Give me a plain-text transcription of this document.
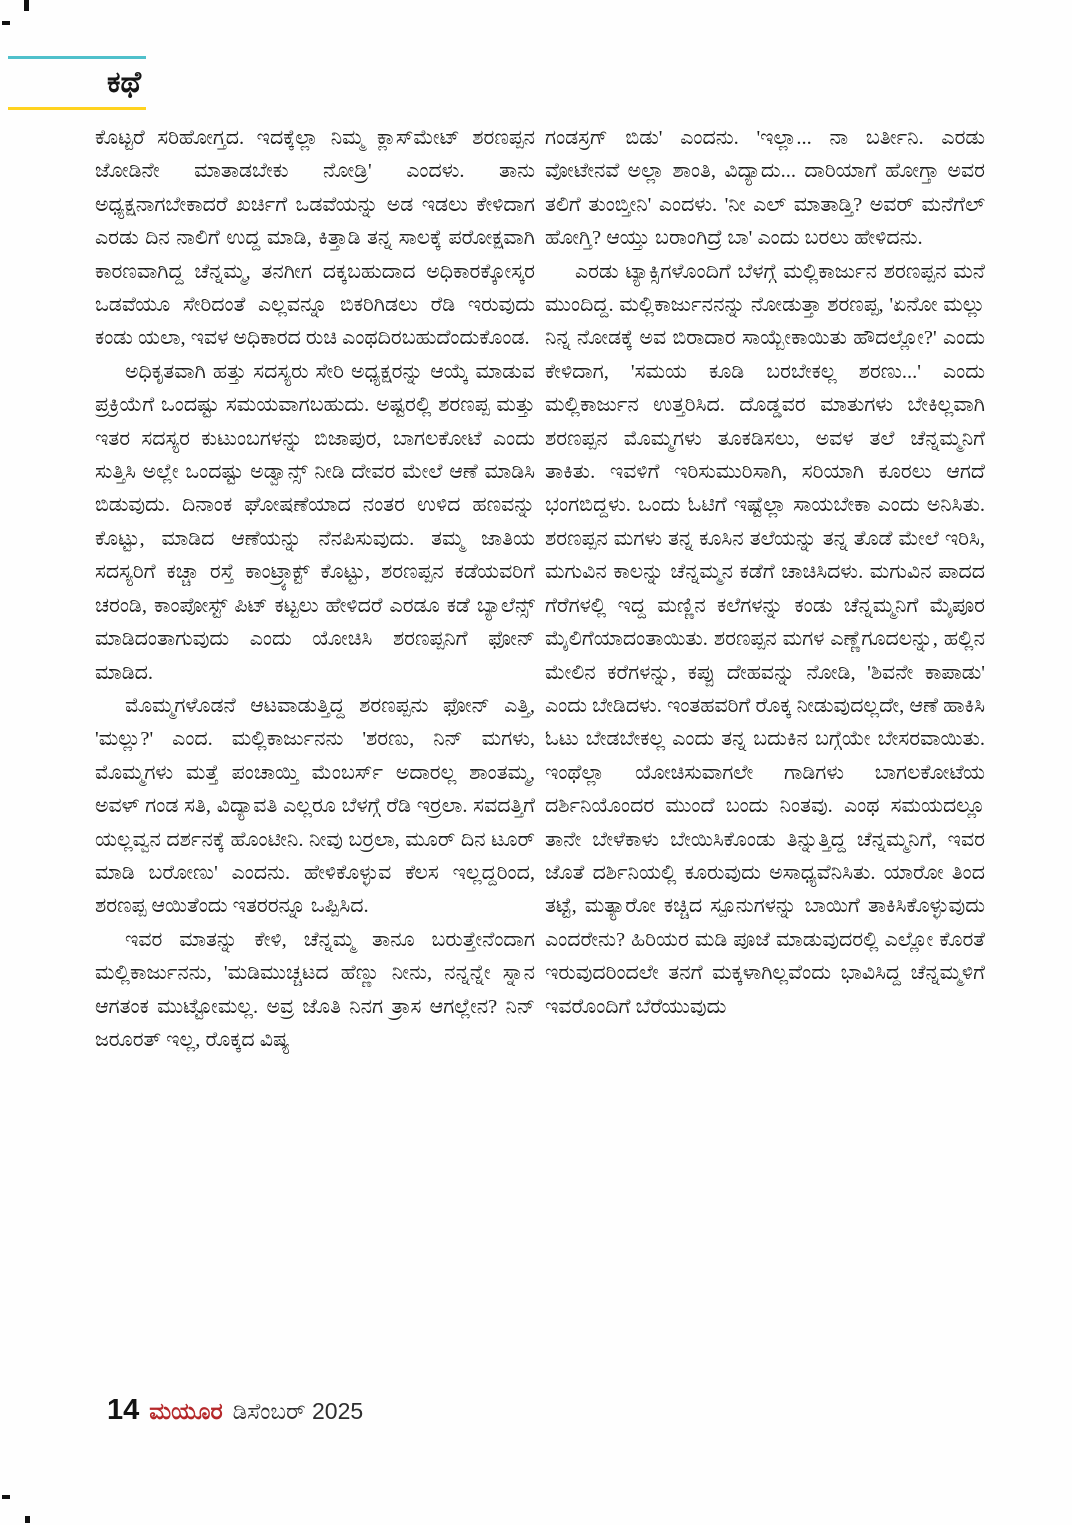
ಕಥೆ

ಕೊಟ್ಟರೆ ಸರಿಹೋಗ್ತದ. ಇದಕ್ಕೆಲ್ಲಾ ನಿಮ್ಮ ಕ್ಲಾಸ್‌ಮೇಟ್ ಶರಣಪ್ಪನ ಜೋಡಿನೇ ಮಾತಾಡಬೇಕು ನೋಡ್ರಿ' ಎಂದಳು. ತಾನು ಅಧ್ಯಕ್ಷನಾಗಬೇಕಾದರೆ ಖರ್ಚಿಗೆ ಒಡವೆಯನ್ನು ಅಡ ಇಡಲು ಕೇಳಿದಾಗ ಎರಡು ದಿನ ನಾಲಿಗೆ ಉದ್ದ ಮಾಡಿ, ಕಿತ್ತಾಡಿ ತನ್ನ ಸಾಲಕ್ಕೆ ಪರೋಕ್ಷವಾಗಿ ಕಾರಣವಾಗಿದ್ದ ಚೆನ್ನಮ್ಮ, ತನಗೀಗ ದಕ್ಕಬಹುದಾದ ಅಧಿಕಾರಕ್ಕೋಸ್ಕರ ಒಡವೆಯೂ ಸೇರಿದಂತೆ ಎಲ್ಲವನ್ನೂ ಬಿಕರಿಗಿಡಲು ರೆಡಿ ಇರುವುದು ಕಂಡು ಯಲಾ, ಇವಳ ಅಧಿಕಾರದ ರುಚಿ ಎಂಥದಿರಬಹುದೆಂದುಕೊಂಡ.

ಅಧಿಕೃತವಾಗಿ ಹತ್ತು ಸದಸ್ಯರು ಸೇರಿ ಅಧ್ಯಕ್ಷರನ್ನು ಆಯ್ಕೆ ಮಾಡುವ ಪ್ರಕ್ರಿಯೆಗೆ ಒಂದಷ್ಟು ಸಮಯವಾಗಬಹುದು. ಅಷ್ಟರಲ್ಲಿ ಶರಣಪ್ಪ ಮತ್ತು ಇತರ ಸದಸ್ಯರ ಕುಟುಂಬಗಳನ್ನು ಬಿಜಾಪುರ, ಬಾಗಲಕೋಟೆ ಎಂದು ಸುತ್ತಿಸಿ ಅಲ್ಲೇ ಒಂದಷ್ಟು ಅಡ್ವಾನ್ಸ್ ನೀಡಿ ದೇವರ ಮೇಲೆ ಆಣೆ ಮಾಡಿಸಿ ಬಿಡುವುದು. ದಿನಾಂಕ ಘೋಷಣೆಯಾದ ನಂತರ ಉಳಿದ ಹಣವನ್ನು ಕೊಟ್ಟು, ಮಾಡಿದ ಆಣೆಯನ್ನು ನೆನಪಿಸುವುದು. ತಮ್ಮ ಜಾತಿಯ ಸದಸ್ಯರಿಗೆ ಕಚ್ಚಾ ರಸ್ತೆ ಕಾಂಟ್ರ್ಯಾಕ್ಟ್ ಕೊಟ್ಟು, ಶರಣಪ್ಪನ ಕಡೆಯವರಿಗೆ ಚರಂಡಿ, ಕಾಂಪೋಸ್ಟ್ ಪಿಟ್ ಕಟ್ಟಲು ಹೇಳಿದರೆ ಎರಡೂ ಕಡೆ ಬ್ಯಾಲೆನ್ಸ್ ಮಾಡಿದಂತಾಗುವುದು ಎಂದು ಯೋಚಿಸಿ ಶರಣಪ್ಪನಿಗೆ ಫೋನ್ ಮಾಡಿದ.

ಮೊಮ್ಮಗಳೊಡನೆ ಆಟವಾಡುತ್ತಿದ್ದ ಶರಣಪ್ಪನು ಫೋನ್ ಎತ್ತಿ, 'ಮಲ್ಲು?' ಎಂದ. ಮಲ್ಲಿಕಾರ್ಜುನನು 'ಶರಣು, ನಿನ್ ಮಗಳು, ಮೊಮ್ಮಗಳು ಮತ್ತೆ ಪಂಚಾಯ್ತಿ ಮೆಂಬರ್ಸ್ ಅದಾರಲ್ಲ ಶಾಂತಮ್ಮ, ಅವಳ್ ಗಂಡ ಸತಿ, ವಿದ್ಯಾವತಿ ಎಲ್ಲರೂ ಬೆಳಗ್ಗೆ ರೆಡಿ ಇರ್ರಲಾ. ಸವದತ್ತಿಗೆ ಯಲ್ಲವ್ವನ ದರ್ಶನಕ್ಕೆ ಹೊಂಟೀನಿ. ನೀವು ಬರ್ರಲಾ, ಮೂರ್ ದಿನ ಟೂರ್ ಮಾಡಿ ಬರೋಣು' ಎಂದನು. ಹೇಳಿಕೊಳ್ಳುವ ಕೆಲಸ ಇಲ್ಲದ್ದರಿಂದ, ಶರಣಪ್ಪ ಆಯಿತೆಂದು ಇತರರನ್ನೂ ಒಪ್ಪಿಸಿದ.

ಇವರ ಮಾತನ್ನು ಕೇಳಿ, ಚೆನ್ನಮ್ಮ ತಾನೂ ಬರುತ್ತೇನೆಂದಾಗ ಮಲ್ಲಿಕಾರ್ಜುನನು, 'ಮಡಿಮುಚ್ಚಟದ ಹೆಣ್ಣು ನೀನು, ನನ್ನನ್ನೇ ಸ್ನಾನ ಆಗತಂಕ ಮುಟ್ಟೋಮಲ್ಲ. ಅವ್ರ ಜೊತಿ ನಿನಗ ತ್ರಾಸ ಆಗಲ್ಲೇನ? ನಿನ್ ಜರೂರತ್ ಇಲ್ಲ, ರೊಕ್ಕದ ವಿಷ್ಯ

ಗಂಡಸ್ರಗ್ ಬಿಡು' ಎಂದನು. 'ಇಲ್ಲಾ... ನಾ ಬರ್ತೀನಿ. ಎರಡು ವೋಟೇನವೆ ಅಲ್ಲಾ ಶಾಂತಿ, ವಿದ್ಯಾದು... ದಾರಿಯಾಗೆ ಹೋಗ್ತಾ ಅವರ ತಲಿಗೆ ತುಂಬ್ತೀನಿ' ಎಂದಳು. 'ನೀ ಎಲ್ ಮಾತಾಡ್ತಿ? ಅವರ್ ಮನೆಗೆಲ್ ಹೋಗ್ತಿ? ಆಯ್ತು ಬರಾಂಗಿದ್ರೆ ಬಾ' ಎಂದು ಬರಲು ಹೇಳಿದನು.

ಎರಡು ಟ್ಯಾಕ್ಸಿಗಳೊಂದಿಗೆ ಬೆಳಗ್ಗೆ ಮಲ್ಲಿಕಾರ್ಜುನ ಶರಣಪ್ಪನ ಮನೆ ಮುಂದಿದ್ದ. ಮಲ್ಲಿಕಾರ್ಜುನನನ್ನು ನೋಡುತ್ತಾ ಶರಣಪ್ಪ, 'ಏನೋ ಮಲ್ಲು ನಿನ್ನ ನೋಡಕ್ಕೆ ಅವ ಬಿರಾದಾರ ಸಾಯ್ಬೇಕಾಯಿತು ಹೌದಲ್ಲೋ?' ಎಂದು ಕೇಳಿದಾಗ, 'ಸಮಯ ಕೂಡಿ ಬರಬೇಕಲ್ಲ ಶರಣು...' ಎಂದು ಮಲ್ಲಿಕಾರ್ಜುನ ಉತ್ತರಿಸಿದ. ದೊಡ್ಡವರ ಮಾತುಗಳು ಬೇಕಿಲ್ಲವಾಗಿ ಶರಣಪ್ಪನ ಮೊಮ್ಮಗಳು ತೂಕಡಿಸಲು, ಅವಳ ತಲೆ ಚೆನ್ನಮ್ಮನಿಗೆ ತಾಕಿತು. ಇವಳಿಗೆ ಇರಿಸುಮುರಿಸಾಗಿ, ಸರಿಯಾಗಿ ಕೂರಲು ಆಗದೆ ಭಂಗಬಿದ್ದಳು. ಒಂದು ಓಟಿಗೆ ಇಷ್ಟೆಲ್ಲಾ ಸಾಯಬೇಕಾ ಎಂದು ಅನಿಸಿತು. ಶರಣಪ್ಪನ ಮಗಳು ತನ್ನ ಕೂಸಿನ ತಲೆಯನ್ನು ತನ್ನ ತೊಡೆ ಮೇಲೆ ಇರಿಸಿ, ಮಗುವಿನ ಕಾಲನ್ನು ಚೆನ್ನಮ್ಮನ ಕಡೆಗೆ ಚಾಚಿಸಿದಳು. ಮಗುವಿನ ಪಾದದ ಗೆರೆಗಳಲ್ಲಿ ಇದ್ದ ಮಣ್ಣಿನ ಕಲೆಗಳನ್ನು ಕಂಡು ಚೆನ್ನಮ್ಮನಿಗೆ ಮೈಪೂರ ಮೈಲಿಗೆಯಾದಂತಾಯಿತು. ಶರಣಪ್ಪನ ಮಗಳ ಎಣ್ಣೆಗೂದಲನ್ನು, ಹಲ್ಲಿನ ಮೇಲಿನ ಕರೆಗಳನ್ನು, ಕಪ್ಪು ದೇಹವನ್ನು ನೋಡಿ, 'ಶಿವನೇ ಕಾಪಾಡು' ಎಂದು ಬೇಡಿದಳು. ಇಂತಹವರಿಗೆ ರೊಕ್ಕ ನೀಡುವುದಲ್ಲದೇ, ಆಣೆ ಹಾಕಿಸಿ ಓಟು ಬೇಡಬೇಕಲ್ಲ ಎಂದು ತನ್ನ ಬದುಕಿನ ಬಗ್ಗೆಯೇ ಬೇಸರವಾಯಿತು. ಇಂಥೆಲ್ಲಾ ಯೋಚಿಸುವಾಗಲೇ ಗಾಡಿಗಳು ಬಾಗಲಕೋಟೆಯ ದರ್ಶಿನಿಯೊಂದರ ಮುಂದೆ ಬಂದು ನಿಂತವು. ಎಂಥ ಸಮಯದಲ್ಲೂ ತಾನೇ ಬೇಳೆಕಾಳು ಬೇಯಿಸಿಕೊಂಡು ತಿನ್ನುತ್ತಿದ್ದ ಚೆನ್ನಮ್ಮನಿಗೆ, ಇವರ ಜೊತೆ ದರ್ಶಿನಿಯಲ್ಲಿ ಕೂರುವುದು ಅಸಾಧ್ಯವೆನಿಸಿತು. ಯಾರೋ ತಿಂದ ತಟ್ಟೆ, ಮತ್ಯಾರೋ ಕಚ್ಚಿದ ಸ್ಪೂನುಗಳನ್ನು ಬಾಯಿಗೆ ತಾಕಿಸಿಕೊಳ್ಳುವುದು ಎಂದರೇನು? ಹಿರಿಯರ ಮಡಿ ಪೂಜೆ ಮಾಡುವುದರಲ್ಲಿ ಎಲ್ಲೋ ಕೊರತೆ ಇರುವುದರಿಂದಲೇ ತನಗೆ ಮಕ್ಕಳಾಗಿಲ್ಲವೆಂದು ಭಾವಿಸಿದ್ದ ಚೆನ್ನಮ್ಮಳಿಗೆ ಇವರೊಂದಿಗೆ ಬೆರೆಯುವುದು

14 ಮಯೂರ ಡಿಸೆಂಬರ್ 2025
